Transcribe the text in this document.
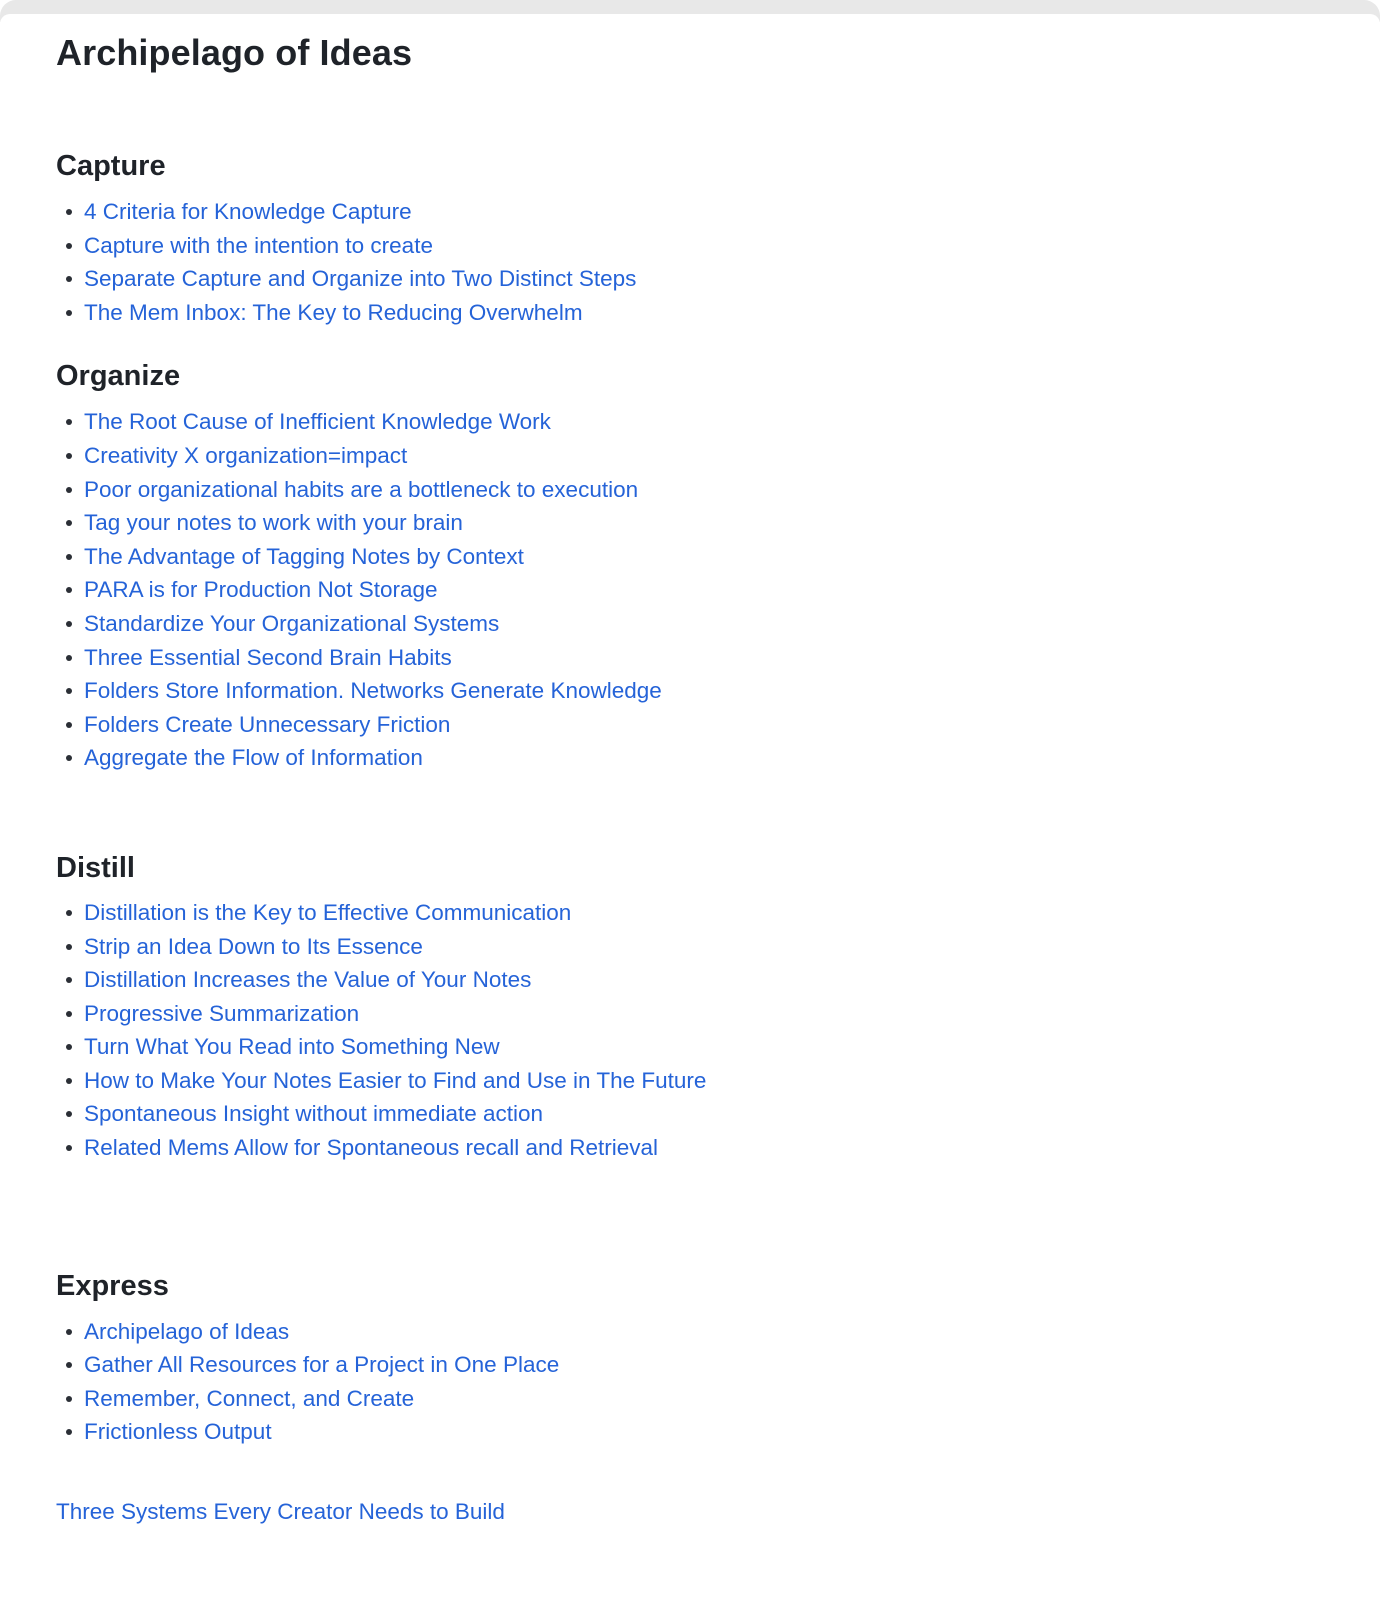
Archipelago of Ideas
Capture
4 Criteria for Knowledge Capture
Capture with the intention to create
Separate Capture and Organize into Two Distinct Steps
The Mem Inbox: The Key to Reducing Overwhelm
Organize
The Root Cause of Inefficient Knowledge Work
Creativity X organization=impact
Poor organizational habits are a bottleneck to execution
Tag your notes to work with your brain
The Advantage of Tagging Notes by Context
PARA is for Production Not Storage
Standardize Your Organizational Systems
Three Essential Second Brain Habits
Folders Store Information. Networks Generate Knowledge
Folders Create Unnecessary Friction
Aggregate the Flow of Information
Distill
Distillation is the Key to Effective Communication
Strip an Idea Down to Its Essence
Distillation Increases the Value of Your Notes
Progressive Summarization
Turn What You Read into Something New
How to Make Your Notes Easier to Find and Use in The Future
Spontaneous Insight without immediate action
Related Mems Allow for Spontaneous recall and Retrieval
Express
Archipelago of Ideas
Gather All Resources for a Project in One Place
Remember, Connect, and Create
Frictionless Output
Three Systems Every Creator Needs to Build
